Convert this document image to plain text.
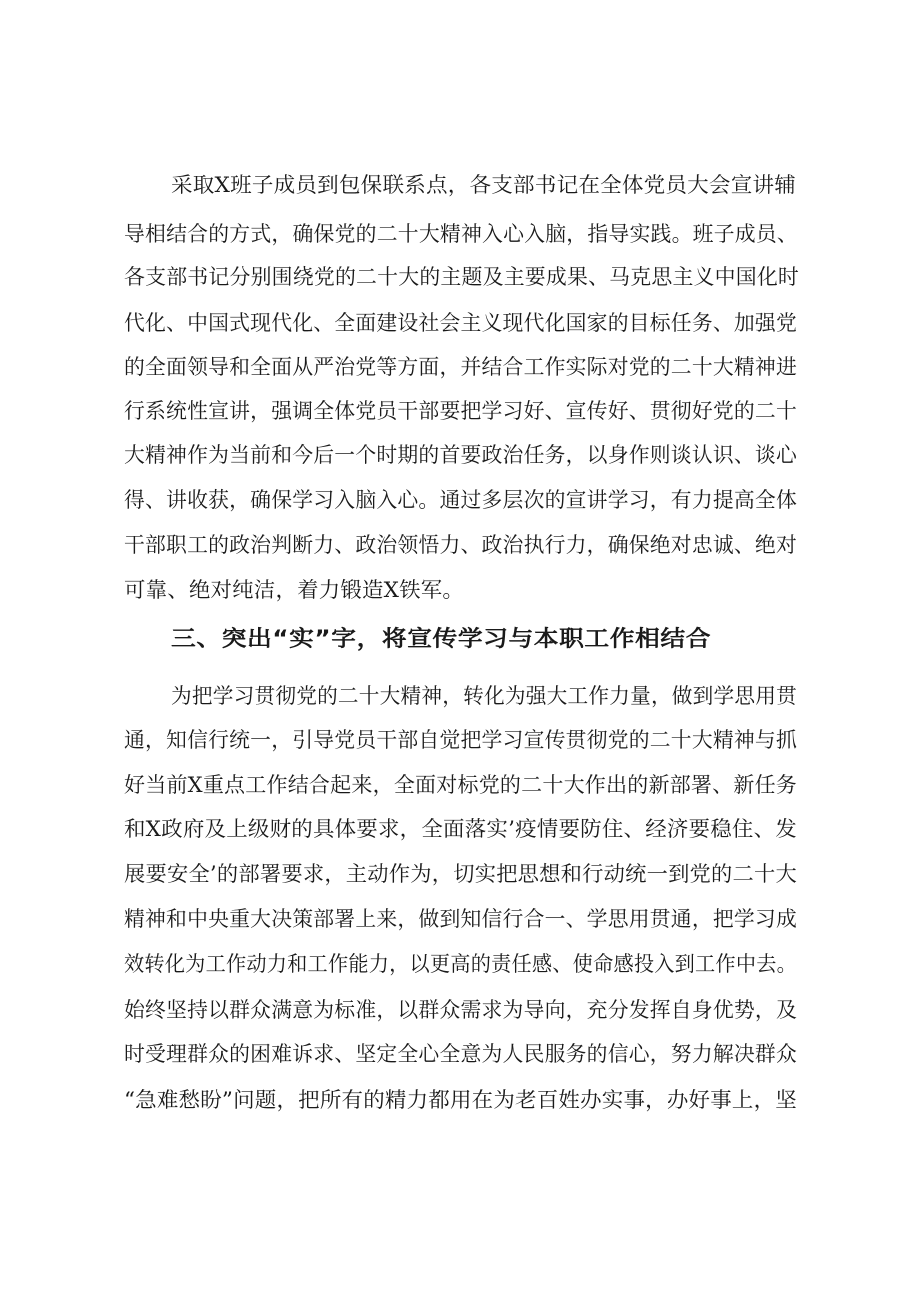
采取X班子成员到包保联系点，各支部书记在全体党员大会宣讲辅
导相结合的方式，确保党的二十大精神入心入脑，指导实践。班子成员、
各支部书记分别围绕党的二十大的主题及主要成果、马克思主义中国化时
代化、中国式现代化、全面建设社会主义现代化国家的目标任务、加强党
的全面领导和全面从严治党等方面，并结合工作实际对党的二十大精神进
行系统性宣讲，强调全体党员干部要把学习好、宣传好、贯彻好党的二十
大精神作为当前和今后一个时期的首要政治任务，以身作则谈认识、谈心
得、讲收获，确保学习入脑入心。通过多层次的宣讲学习，有力提高全体
干部职工的政治判断力、政治领悟力、政治执行力，确保绝对忠诚、绝对
可靠、绝对纯洁，着力锻造X铁军。
三、突出“实”字，将宣传学习与本职工作相结合
为把学习贯彻党的二十大精神，转化为强大工作力量，做到学思用贯
通，知信行统一，引导党员干部自觉把学习宣传贯彻党的二十大精神与抓
好当前X重点工作结合起来，全面对标党的二十大作出的新部署、新任务
和X政府及上级财的具体要求，全面落实’疫情要防住、经济要稳住、发
展要安全’的部署要求，主动作为，切实把思想和行动统一到党的二十大
精神和中央重大决策部署上来，做到知信行合一、学思用贯通，把学习成
效转化为工作动力和工作能力，以更高的责任感、使命感投入到工作中去。
始终坚持以群众满意为标准，以群众需求为导向，充分发挥自身优势，及
时受理群众的困难诉求、坚定全心全意为人民服务的信心，努力解决群众
“急难愁盼”问题，把所有的精力都用在为老百姓办实事，办好事上，坚
